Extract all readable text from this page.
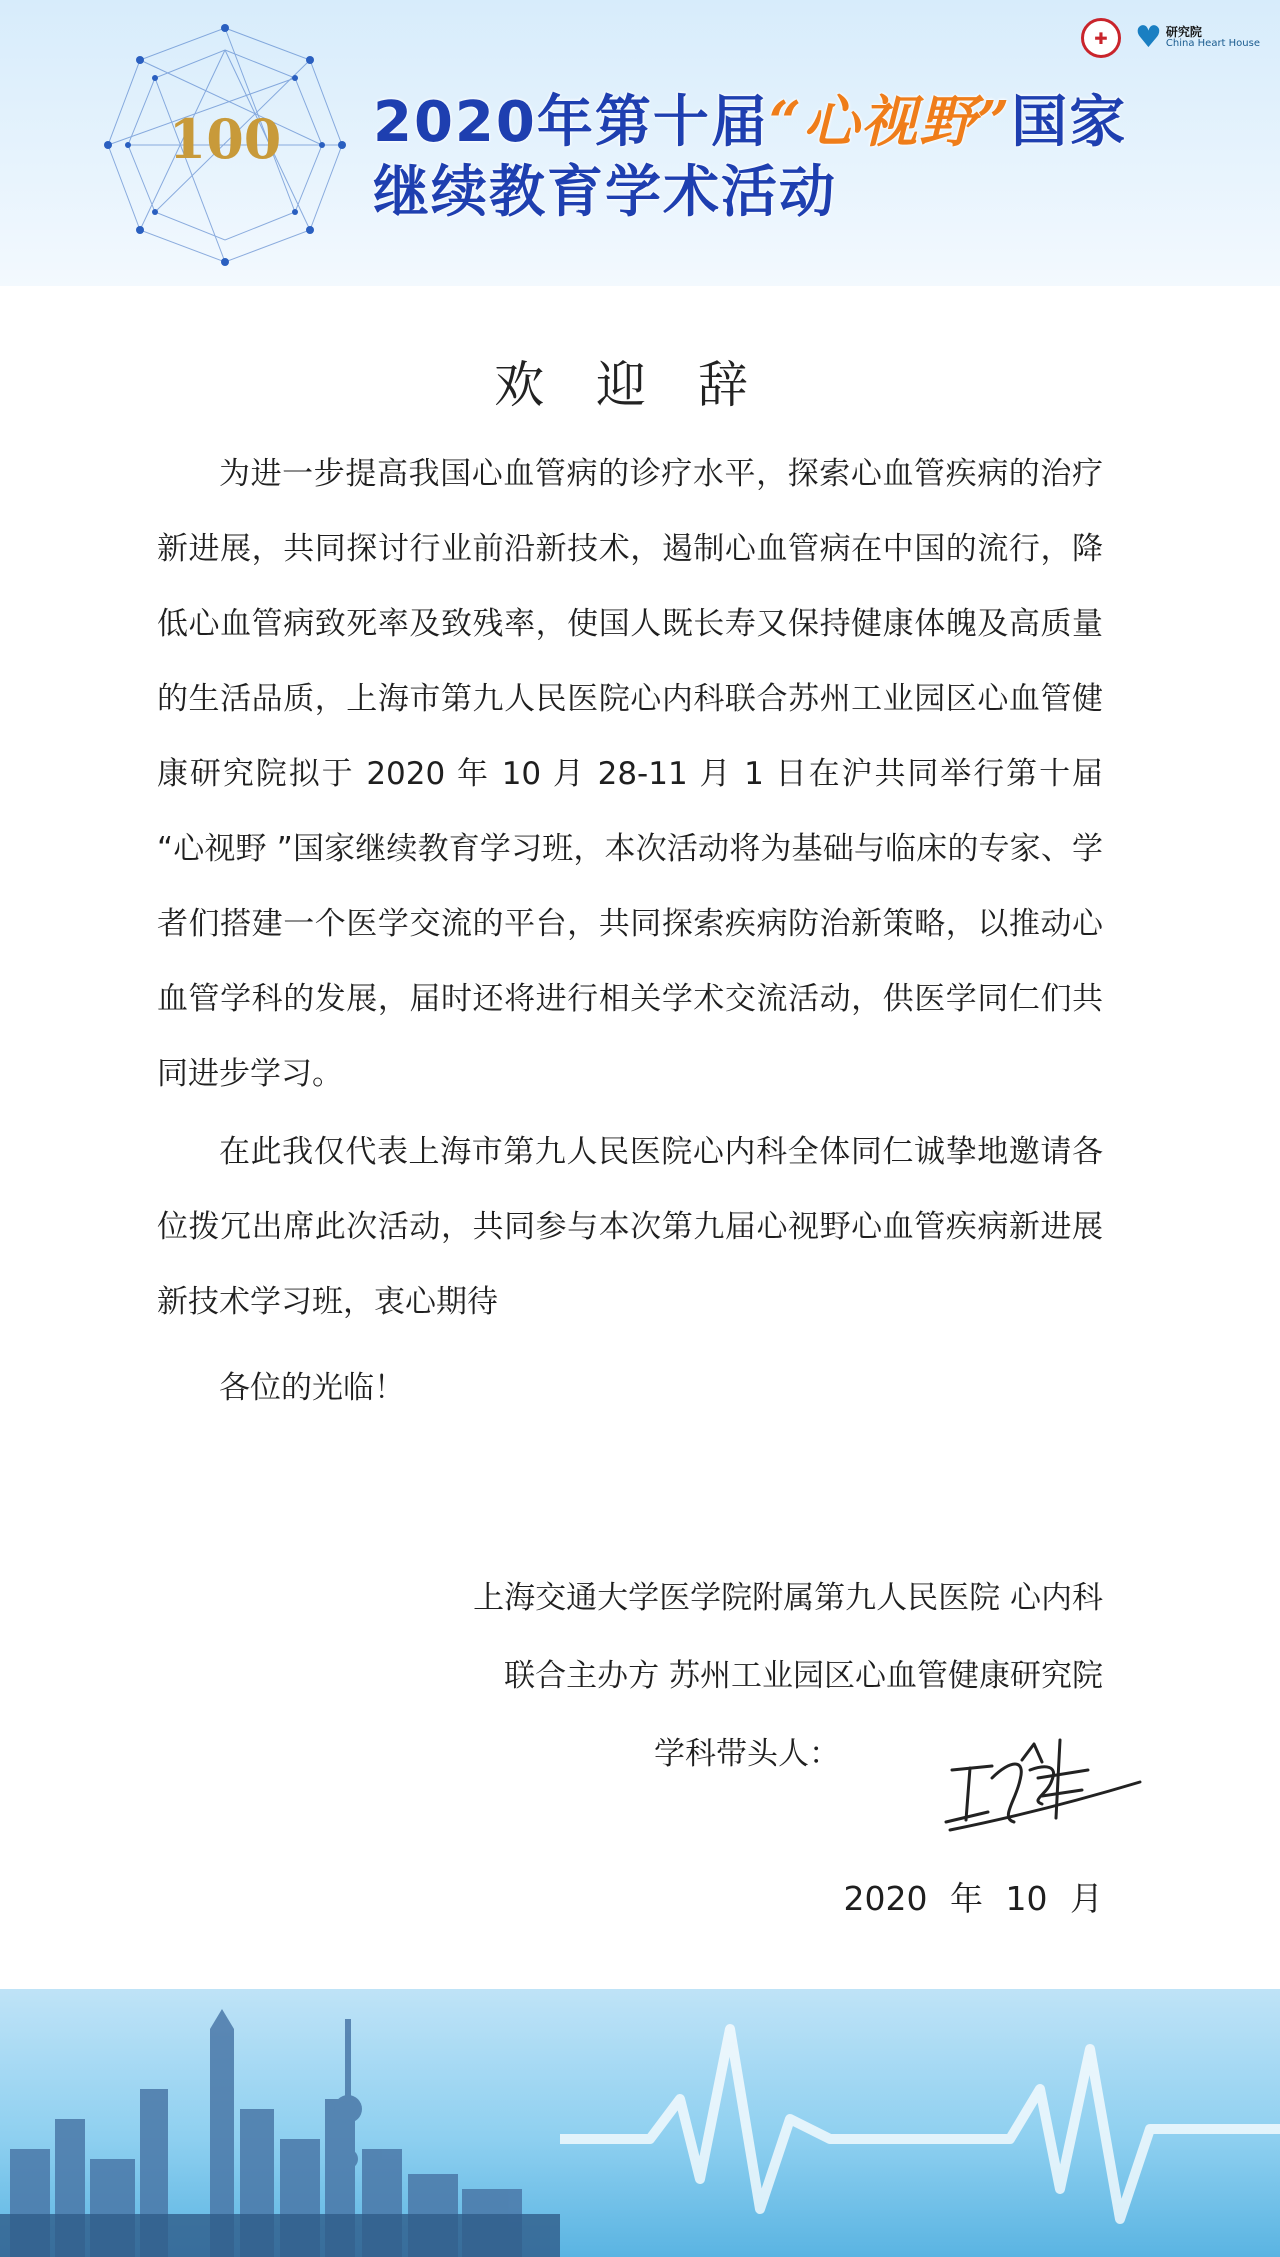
100 2020年第十届“心视野”国家
继续教育学术活动
✚ ♥ 研究院
China Heart House
欢 迎 辞

为进一步提高我国心血管病的诊疗水平，探索心血管疾病的治疗新进展，共同探讨行业前沿新技术，遏制心血管病在中国的流行，降低心血管病致死率及致残率，使国人既长寿又保持健康体魄及高质量的生活品质，上海市第九人民医院心内科联合苏州工业园区心血管健康研究院拟于 2020 年 10 月 28-11 月 1 日在沪共同举行第十届 “心视野 ”国家继续教育学习班，本次活动将为基础与临床的专家、学者们搭建一个医学交流的平台，共同探索疾病防治新策略，以推动心血管学科的发展，届时还将进行相关学术交流活动，供医学同仁们共同进步学习。

在此我仅代表上海市第九人民医院心内科全体同仁诚挚地邀请各位拨冗出席此次活动，共同参与本次第九届心视野心血管疾病新进展新技术学习班，衷心期待

各位的光临！

上海交通大学医学院附属第九人民医院 心内科
联合主办方 苏州工业园区心血管健康研究院
学科带头人：
2020 年 10 月
